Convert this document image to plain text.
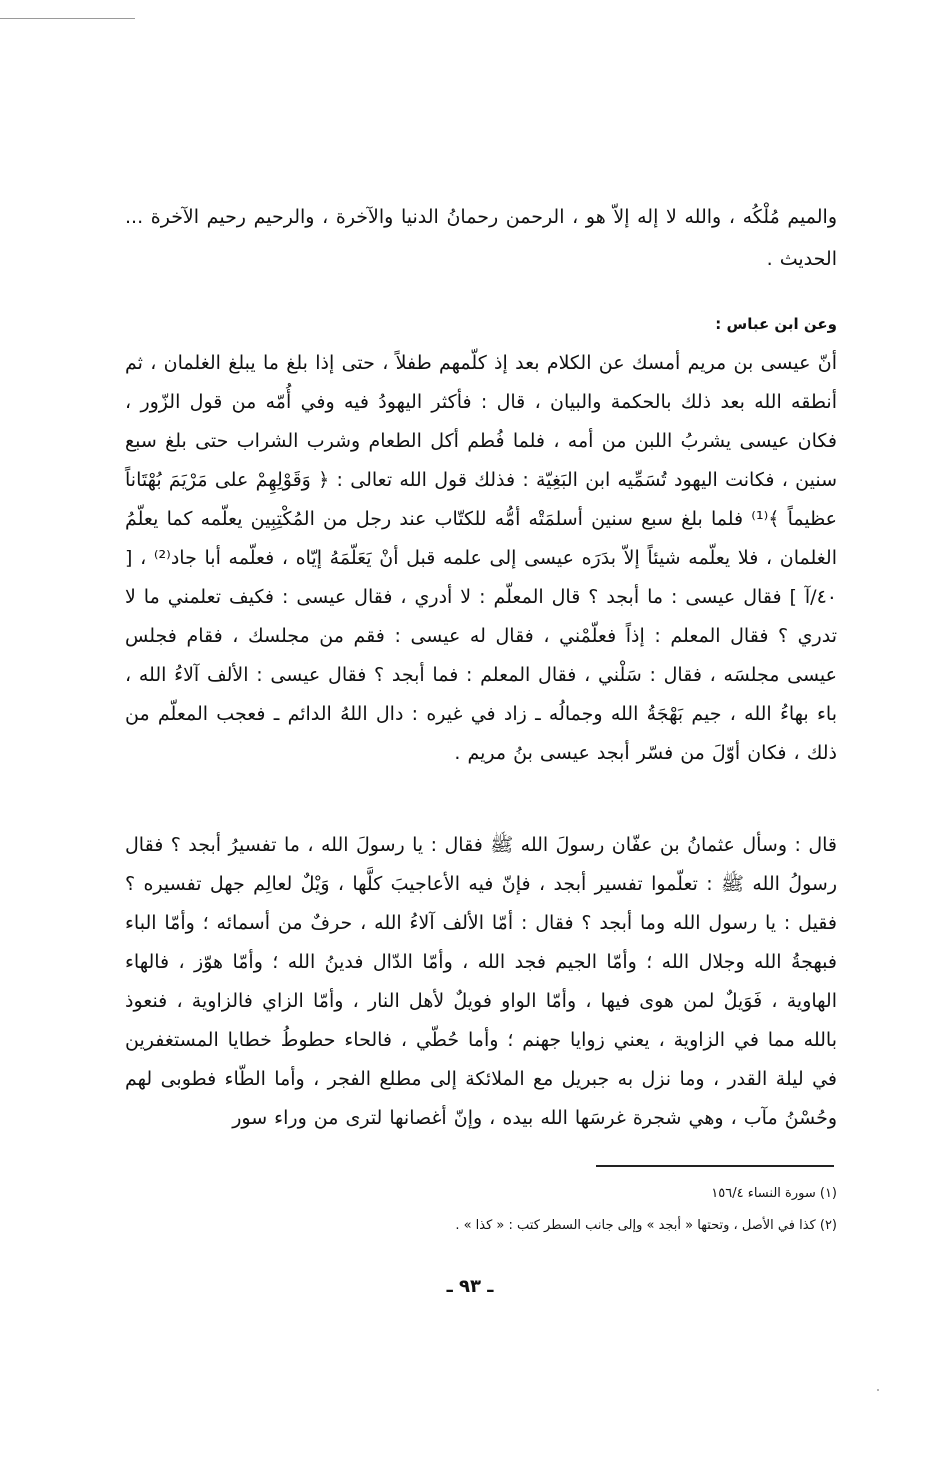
والميم مُلْكُه ، والله لا إله إلاّ هو ، الرحمن رحمانُ الدنيا والآخرة ، والرحيم رحيم الآخرة ... الحديث .

وعن ابن عباس :

أنّ عيسى بن مريم أمسك عن الكلام بعد إذ كلّمهم طفلاً ، حتى إذا بلغ ما يبلغ الغلمان ، ثم أنطقه الله بعد ذلك بالحكمة والبيان ، قال : فأكثر اليهودُ فيه وفي أُمّه من قول الزّور ، فكان عيسى يشربُ اللبن من أمه ، فلما فُطم أكل الطعام وشرب الشراب حتى بلغ سبع سنين ، فكانت اليهود تُسَمِّيه ابن البَغِيّة : فذلك قول الله تعالى : ﴿ وَقَوْلِهِمْ على مَرْيَمَ بُهْتَاناً عظيماً ﴾⁽¹⁾ فلما بلغ سبع سنين أسلمَتْه أمُّه للكتّاب عند رجل من المُكْتِبِين يعلّمه كما يعلّمُ الغلمان ، فلا يعلّمه شيئاً إلاّ بدَرَه عيسى إلى علمه قبل أنْ يَعَلّمَهُ إيّاه ، فعلّمه أبا جاد⁽²⁾ ، [ ٤٠/آ ] فقال عيسى : ما أبجد ؟ قال المعلّم : لا أدري ، فقال عيسى : فكيف تعلمني ما لا تدري ؟ فقال المعلم : إذاً فعلّمْني ، فقال له عيسى : فقم من مجلسك ، فقام فجلس عيسى مجلسَه ، فقال : سَلْني ، فقال المعلم : فما أبجد ؟ فقال عيسى : الألف آلاءُ الله ، باء بهاءُ الله ، جيم بَهْجَةُ الله وجمالُه ـ زاد في غيره : دال اللهُ الدائم ـ فعجب المعلّم من ذلك ، فكان أوّلَ من فسّر أبجد عيسى بنُ مريم .

قال : وسأل عثمانُ بن عفّان رسولَ الله ﷺ فقال : يا رسولَ الله ، ما تفسيرُ أبجد ؟ فقال رسولُ الله ﷺ : تعلّموا تفسير أبجد ، فإنّ فيه الأعاجيبَ كلَّها ، وَيْلٌ لعالِم جهل تفسيره ؟ فقيل : يا رسول الله وما أبجد ؟ فقال : أمّا الألف آلاءُ الله ، حرفٌ من أسمائه ؛ وأمّا الباء فبهجةُ الله وجلال الله ؛ وأمّا الجيم فجد الله ، وأمّا الدّال فدينُ الله ؛ وأمّا هوّز ، فالهاء الهاوية ، فَوَيلٌ لمن هوى فيها ، وأمّا الواو فويلٌ لأهل النار ، وأمّا الزاي فالزاوية ، فنعوذ بالله مما في الزاوية ، يعني زوايا جهنم ؛ وأما حُطّي ، فالحاء حطوطُ خطايا المستغفرين في ليلة القدر ، وما نزل به جبريل مع الملائكة إلى مطلع الفجر ، وأما الطّاء فطوبى لهم وحُسْنُ مآب ، وهي شجرة غرسَها الله بيده ، وإنّ أغصانها لترى من وراء سور

(١) سورة النساء ١٥٦/٤
(٢) كذا في الأصل ، وتحتها « أبجد » وإلى جانب السطر كتب : « كذا » .
ـ ٩٣ ـ
